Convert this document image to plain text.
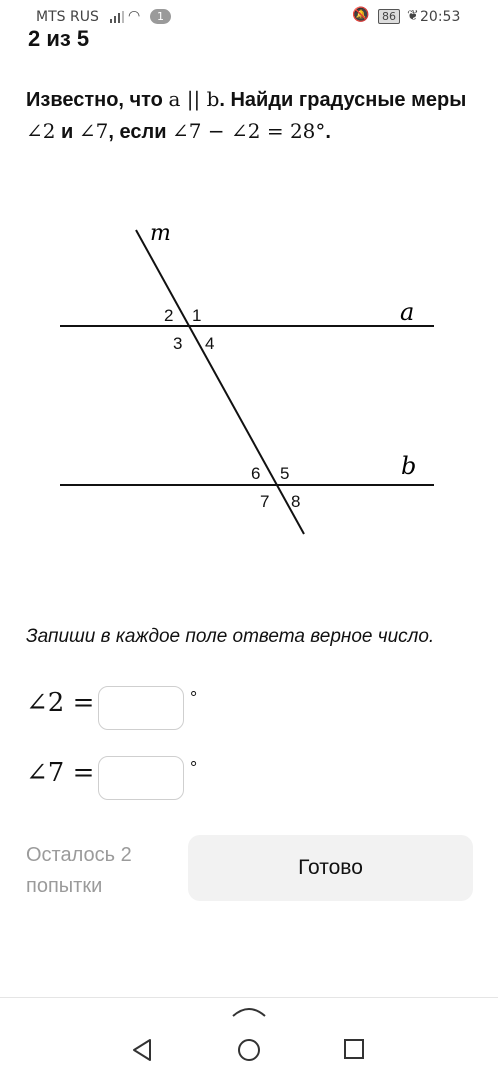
MTS RUS ◠	1	🔕	86 ❦ 20:53
2 из 5
Известно, что a || b. Найди градусные меры ∠2 и ∠7, если ∠7 − ∠2 = 28°.
m
a
b
2 1
3 4
6 5
7 8
Запиши в каждое поле ответа верное число.
∠2 =	°
∠7 =	°
Осталось 2 попытки
Готово
